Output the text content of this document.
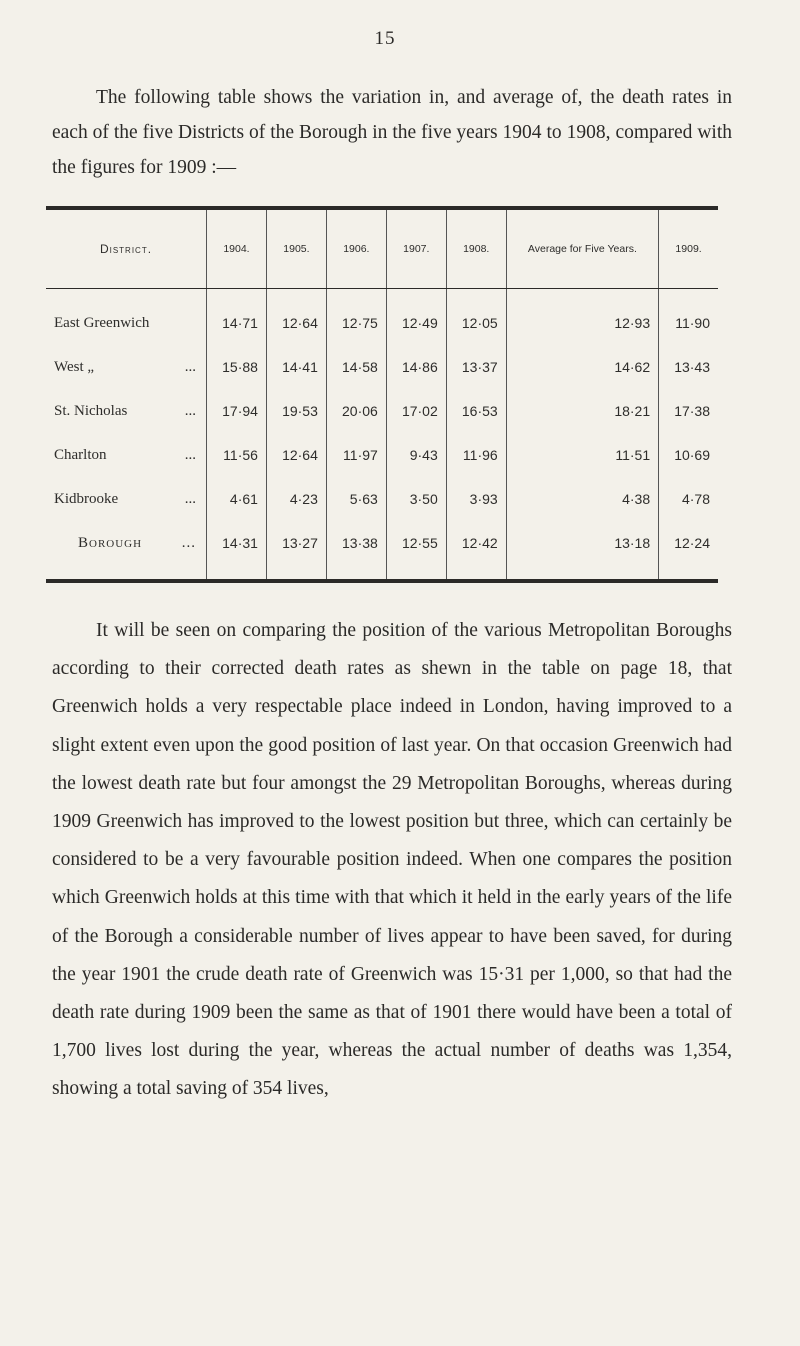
15

The following table shows the variation in, and average of, the death rates in each of the five Districts of the Borough in the five years 1904 to 1908, compared with the figures for 1909 :—

District.	1904.	1905.	1906.	1907.	1908.	Average for Five Years.	1909.
East Greenwich	14·71	12·64	12·75	12·49	12·05	12·93	11·90
West „ ...	15·88	14·41	14·58	14·86	13·37	14·62	13·43
St. Nicholas ...	17·94	19·53	20·06	17·02	16·53	18·21	17·38
Charlton ...	11·56	12·64	11·97	9·43	11·96	11·51	10·69
Kidbrooke ...	4·61	4·23	5·63	3·50	3·93	4·38	4·78
Borough ...	14·31	13·27	13·38	12·55	12·42	13·18	12·24

It will be seen on comparing the position of the various Metropolitan Boroughs according to their corrected death rates as shewn in the table on page 18, that Greenwich holds a very respectable place indeed in London, having improved to a slight extent even upon the good position of last year. On that occasion Greenwich had the lowest death rate but four amongst the 29 Metropolitan Boroughs, whereas during 1909 Greenwich has improved to the lowest position but three, which can certainly be considered to be a very favourable position indeed. When one compares the position which Greenwich holds at this time with that which it held in the early years of the life of the Borough a considerable number of lives appear to have been saved, for during the year 1901 the crude death rate of Greenwich was 15·31 per 1,000, so that had the death rate during 1909 been the same as that of 1901 there would have been a total of 1,700 lives lost during the year, whereas the actual number of deaths was 1,354, showing a total saving of 354 lives,
